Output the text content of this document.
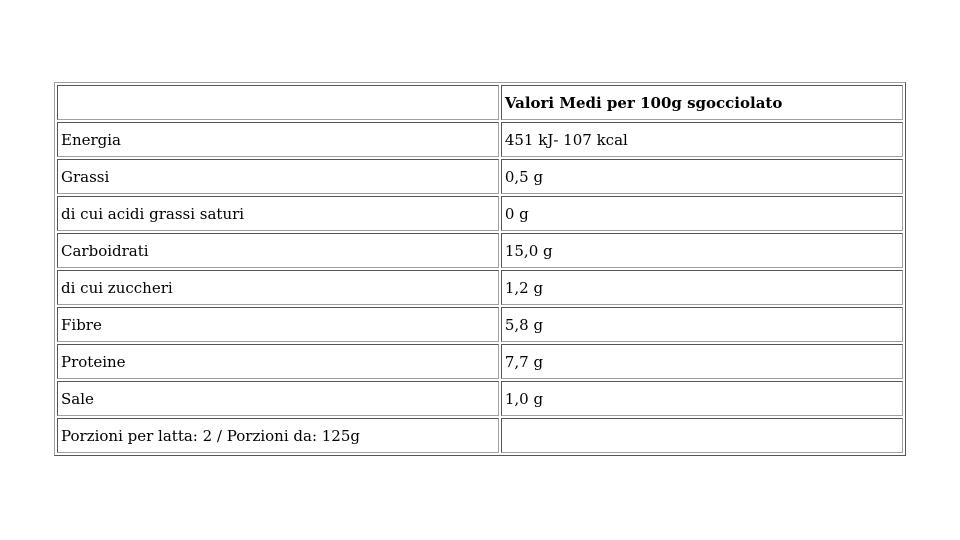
	Valori Medi per 100g sgocciolato
Energia	451 kJ- 107 kcal
Grassi	0,5 g
di cui acidi grassi saturi	0 g
Carboidrati	15,0 g
di cui zuccheri	1,2 g
Fibre	5,8 g
Proteine	7,7 g
Sale	1,0 g
Porzioni per latta: 2 / Porzioni da: 125g	
